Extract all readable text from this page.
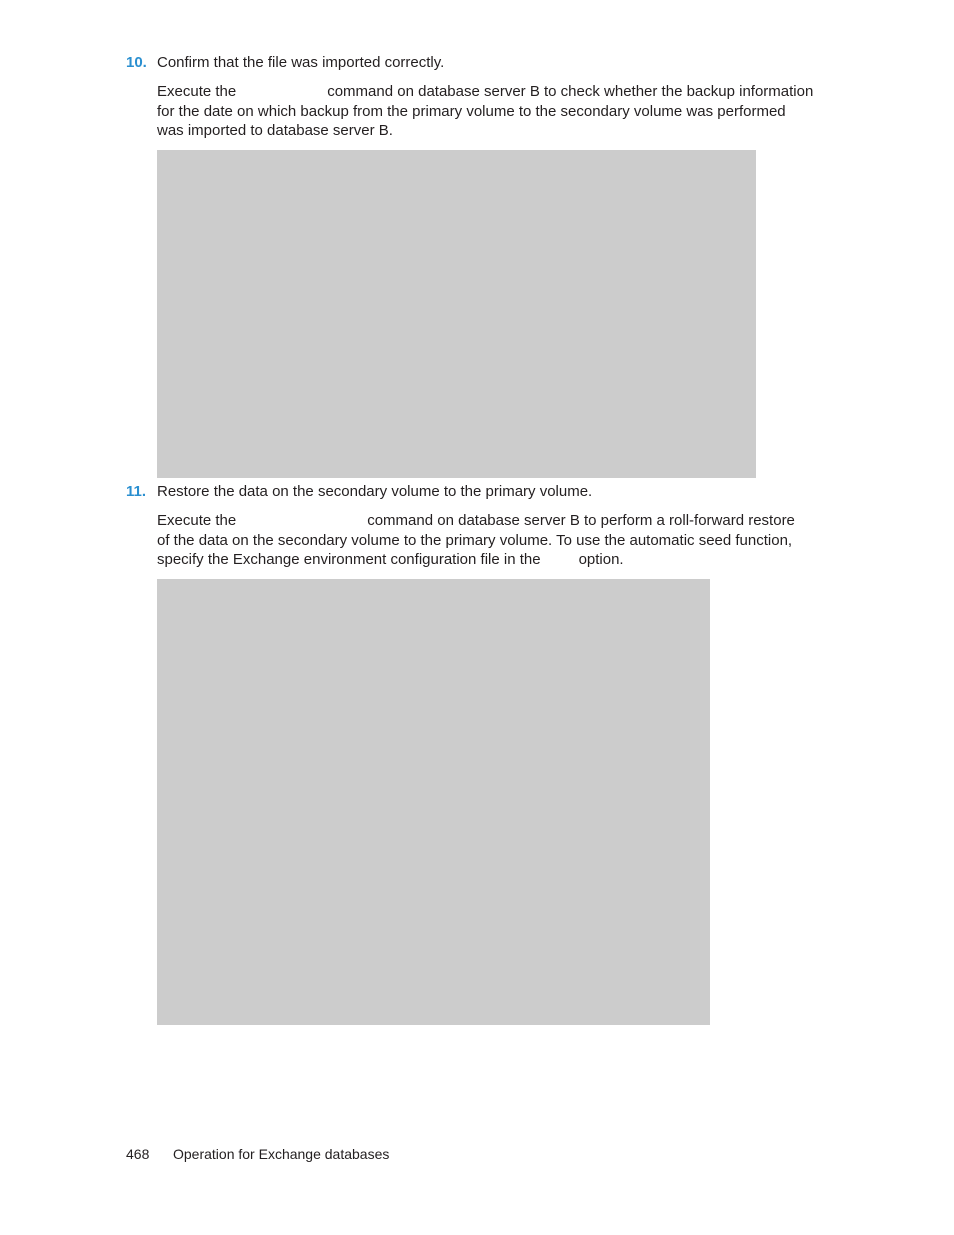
10. Confirm that the file was imported correctly.
Execute the	command on database server B to check whether the backup information
for the date on which backup from the primary volume to the secondary volume was performed
was imported to database server B.
11. Restore the data on the secondary volume to the primary volume.
Execute the	command on database server B to perform a roll-forward restore
of the data on the secondary volume to the primary volume. To use the automatic seed function,
specify the Exchange environment configuration file in the	option.
468 Operation for Exchange databases
